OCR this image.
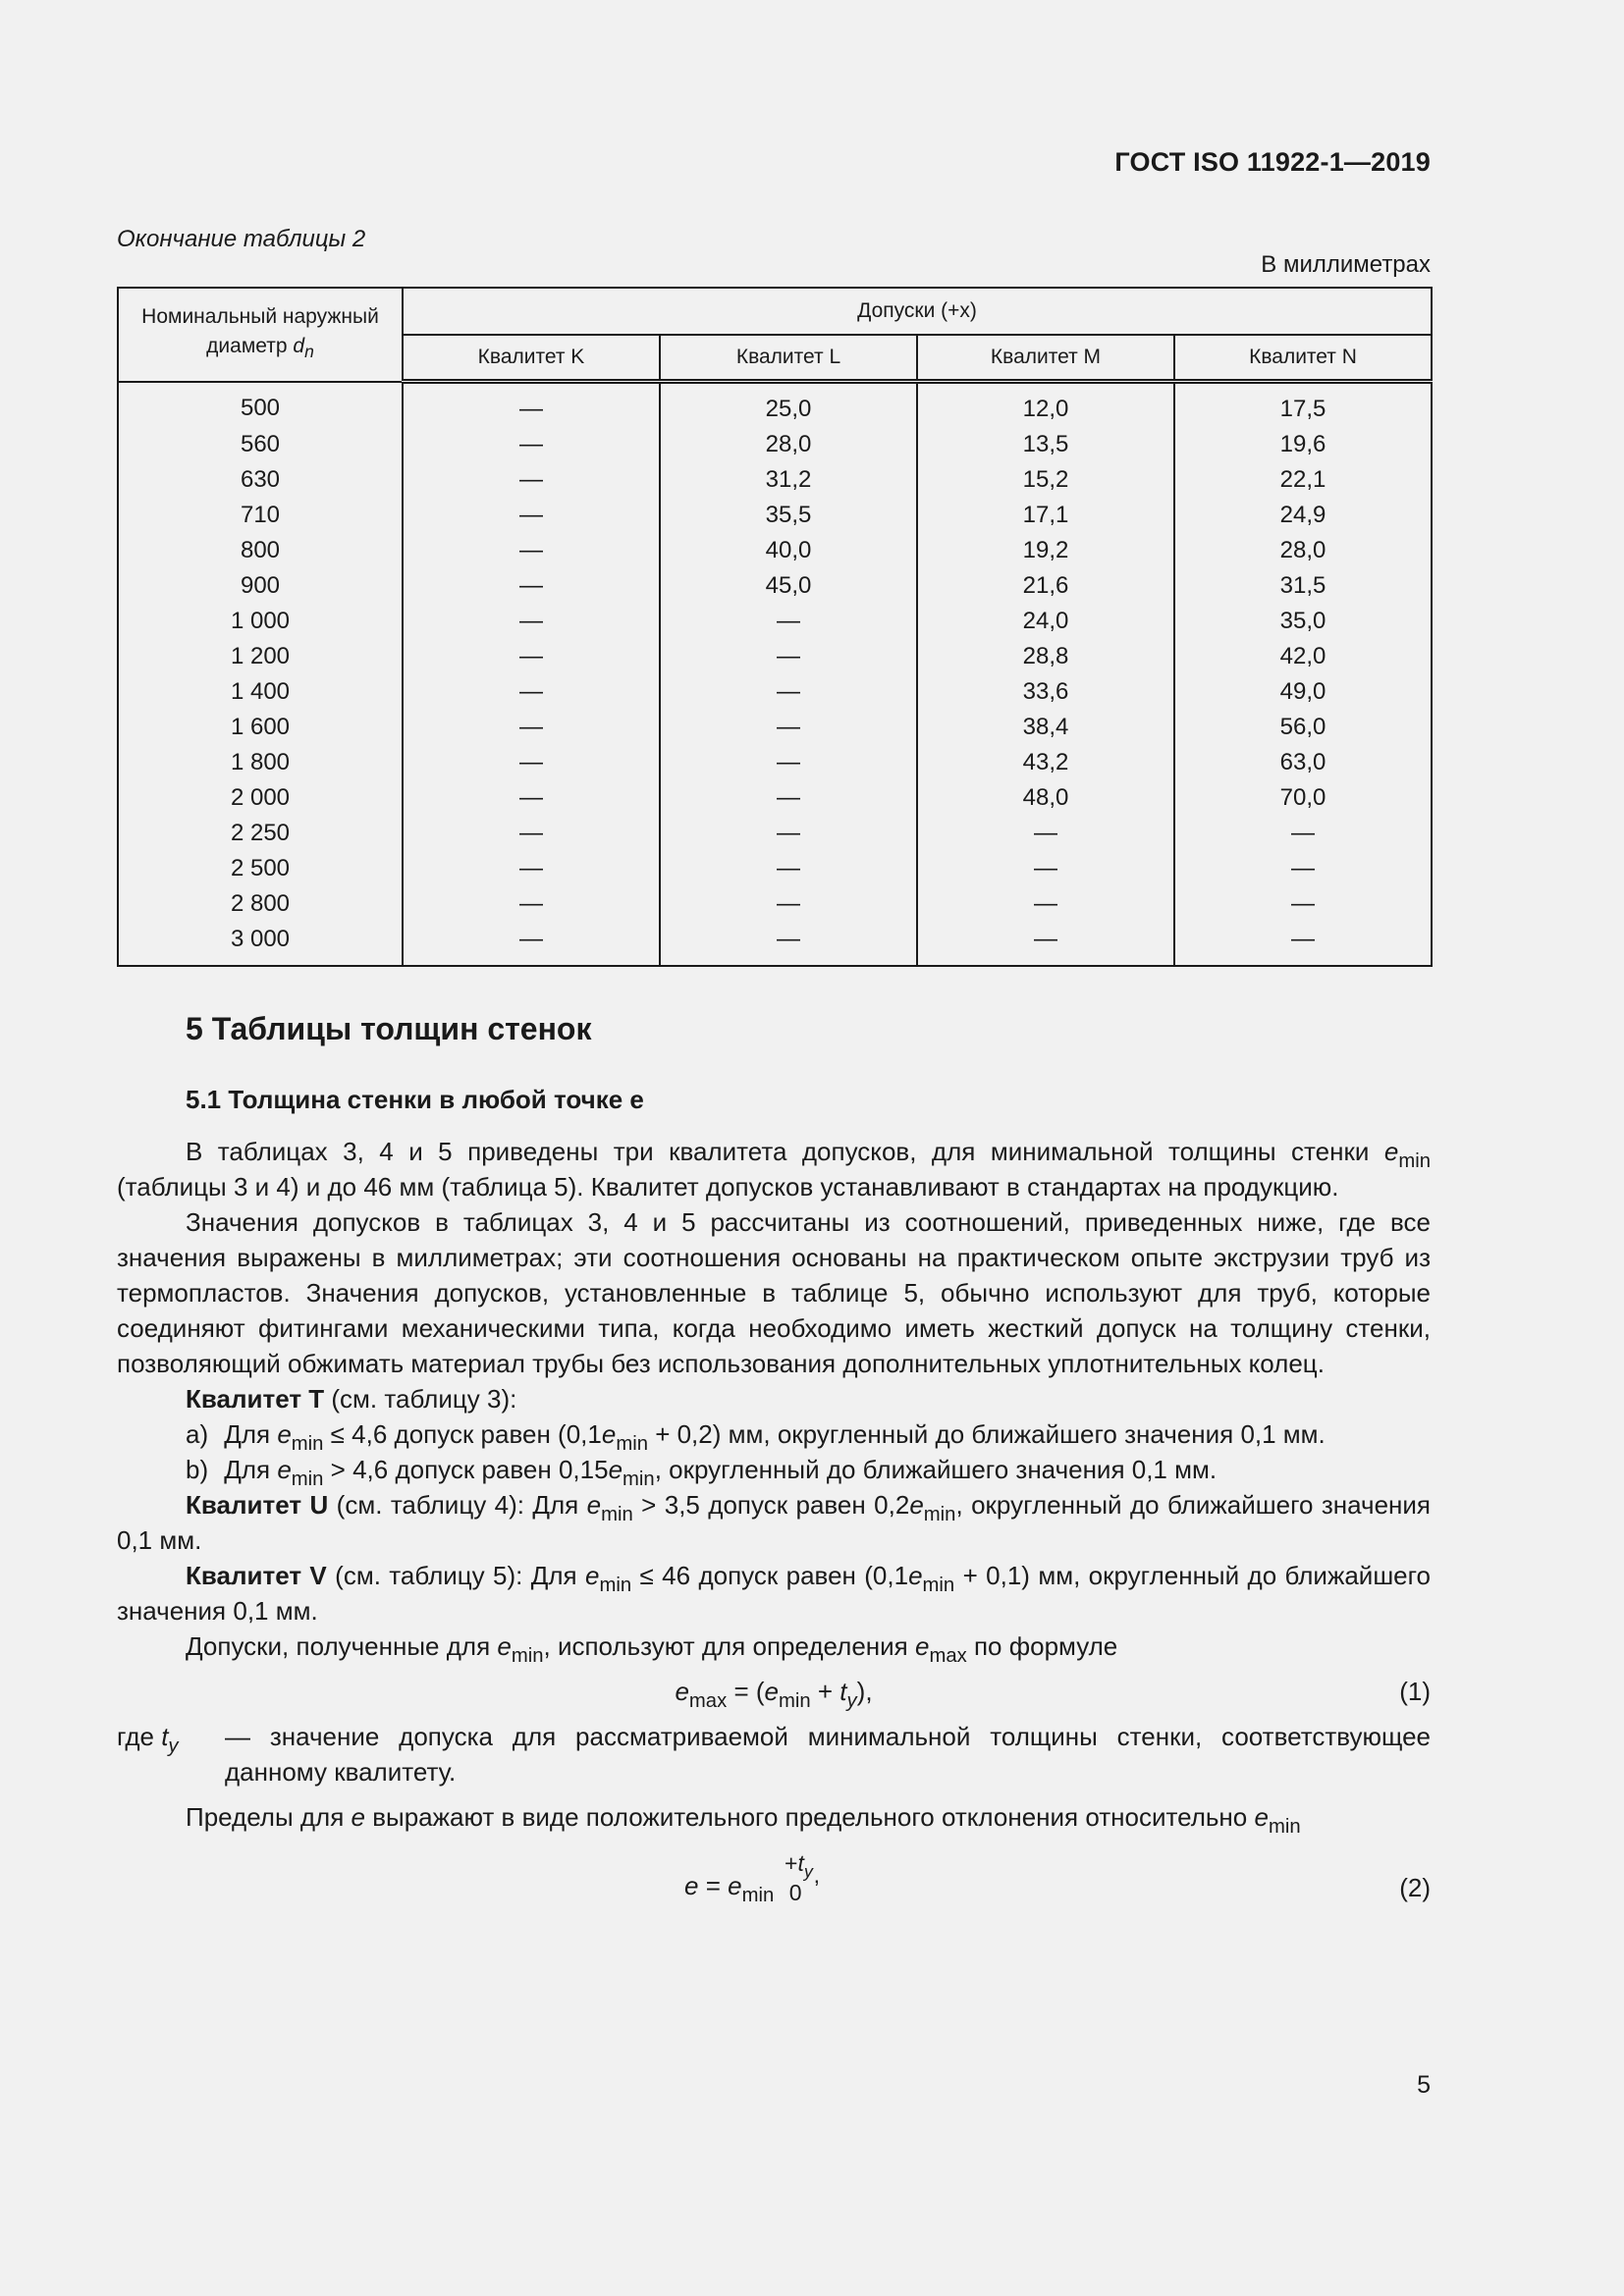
ГОСТ ISO 11922-1—2019
Окончание таблицы 2
В миллиметрах
Номинальный наружный
диаметр $d_n$	Допуски (+x)			
	Квалитет K	Квалитет L	Квалитет M	Квалитет N
500	—	25,0	12,0	17,5
560	—	28,0	13,5	19,6
630	—	31,2	15,2	22,1
710	—	35,5	17,1	24,9
800	—	40,0	19,2	28,0
900	—	45,0	21,6	31,5
1 000	—	—	24,0	35,0
1 200	—	—	28,8	42,0
1 400	—	—	33,6	49,0
1 600	—	—	38,4	56,0
1 800	—	—	43,2	63,0
2 000	—	—	48,0	70,0
2 250	—	—	—	—
2 500	—	—	—	—
2 800	—	—	—	—
3 000	—	—	—	—
5 Таблицы толщин стенок
5.1 Толщина стенки в любой точке e

В таблицах 3, 4 и 5 приведены три квалитета допусков, для минимальной толщины стенки $e_{min}$ (таблицы 3 и 4) и до 46 мм (таблица 5). Квалитет допусков устанавливают в стандартах на продукцию.

Значения допусков в таблицах 3, 4 и 5 рассчитаны из соотношений, приведенных ниже, где все значения выражены в миллиметрах; эти соотношения основаны на практическом опыте экструзии труб из термопластов. Значения допусков, установленные в таблице 5, обычно используют для труб, которые соединяют фитингами механическими типа, когда необходимо иметь жесткий допуск на толщину стенки, позволяющий обжимать материал трубы без использования дополнительных уплотнительных колец.

Квалитет T (см. таблицу 3):

a) Для $e_{min} \le 4,6$ допуск равен $(0,1e_{min} + 0,2)$ мм, округленный до ближайшего значения 0,1 мм.

b) Для $e_{min} > 4,6$ допуск равен $0,15e_{min}$, округленный до ближайшего значения 0,1 мм.

Квалитет U (см. таблицу 4): Для $e_{min} > 3,5$ допуск равен $0,2e_{min}$, округленный до ближайшего значения 0,1 мм.

Квалитет V (см. таблицу 5): Для $e_{min} \le 46$ допуск равен $(0,1e_{min} + 0,1)$ мм, округленный до ближайшего значения 0,1 мм.

Допуски, полученные для $e_{min}$, используют для определения $e_{max}$ по формуле

$e_{max} = (e_{min} + t_y)$,	(1)

где $t_y$ — значение допуска для рассматриваемой минимальной толщины стенки, соответствующее данному квалитету.

Пределы для e выражают в виде положительного предельного отклонения относительно $e_{min}$

$e = e_{min}$
$+t_y$
0,	(2)
5
